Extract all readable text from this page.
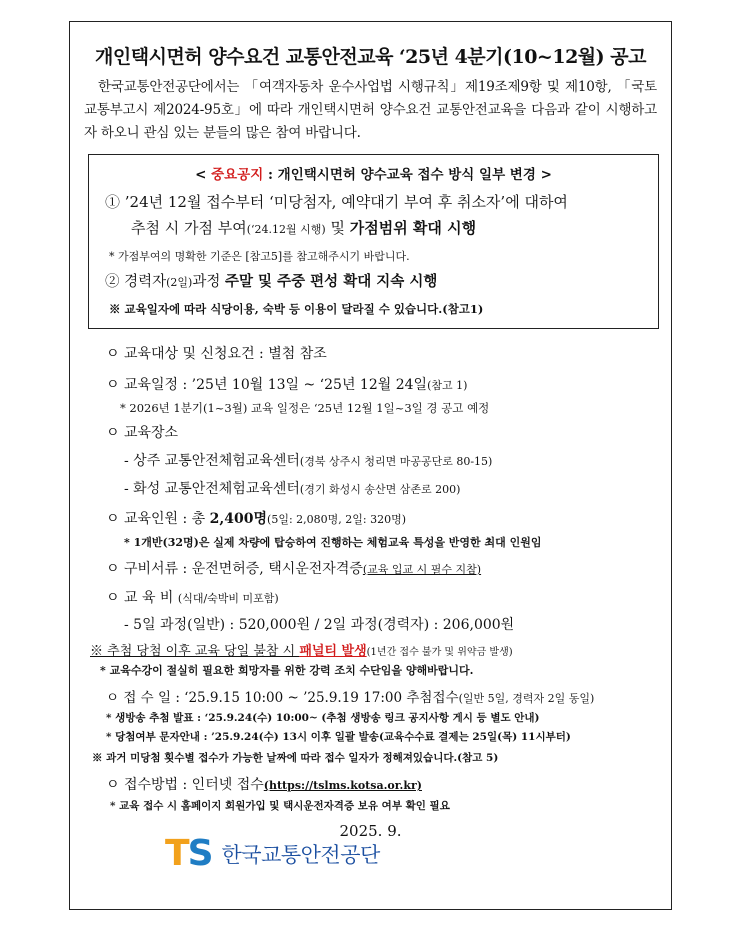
개인택시면허 양수요건 교통안전교육 ‘25년 4분기(10~12월) 공고
한국교통안전공단에서는 「여객자동차 운수사업법 시행규칙」제19조제9항 및 제10항, 「국토교통부고시 제2024-95호」에 따라 개인택시면허 양수요건 교통안전교육을 다음과 같이 시행하고자 하오니 관심 있는 분들의 많은 참여 바랍니다.
< 중요공지 : 개인택시면허 양수교육 접수 방식 일부 변경 >
① ’24년 12월 접수부터 ‘미당첨자, 예약대기 부여 후 취소자’에 대하여
추첨 시 가점 부여(‘24.12월 시행) 및 가점범위 확대 시행
* 가점부여의 명확한 기준은 [참고5]를 참고해주시기 바랍니다.
② 경력자(2일)과정 주말 및 주중 편성 확대 지속 시행
※ 교육일자에 따라 식당이용, 숙박 등 이용이 달라질 수 있습니다.(참고1)
ㅇ 교육대상 및 신청요건 : 별첨 참조
ㅇ 교육일정 : ’25년 10월 13일 ~ ‘25년 12월 24일(참고 1)
* 2026년 1분기(1~3월) 교육 일정은 ‘25년 12월 1일~3일 경 공고 예정
ㅇ 교육장소
- 상주 교통안전체험교육센터(경북 상주시 청리면 마공공단로 80-15)
- 화성 교통안전체험교육센터(경기 화성시 송산면 삼존로 200)
ㅇ 교육인원 : 총 2,400명(5일: 2,080명, 2일: 320명)
* 1개반(32명)은 실제 차량에 탑승하여 진행하는 체험교육 특성을 반영한 최대 인원임
ㅇ 구비서류 : 운전면허증, 택시운전자격증(교육 입교 시 필수 지참)
ㅇ 교 육 비 (식대/숙박비 미포함)
- 5일 과정(일반) : 520,000원 / 2일 과정(경력자) : 206,000원
※ 추첨 당첨 이후 교육 당일 불참 시 패널티 발생(1년간 접수 불가 및 위약금 발생)
* 교육수강이 절실히 필요한 희망자를 위한 강력 조치 수단임을 양해바랍니다.
ㅇ 접 수 일 : ‘25.9.15 10:00 ~ ’25.9.19 17:00 추첨접수(일반 5일, 경력자 2일 동일)
* 생방송 추첨 발표 : ‘25.9.24(수) 10:00~ (추첨 생방송 링크 공지사항 게시 등 별도 안내)
* 당첨여부 문자안내 : ’25.9.24(수) 13시 이후 일괄 발송(교육수수료 결제는 25일(목) 11시부터)
※ 과거 미당첨 횟수별 접수가 가능한 날짜에 따라 접수 일자가 정해져있습니다.(참고 5)
ㅇ 접수방법 : 인터넷 접수(https://tslms.kotsa.or.kr)
* 교육 접수 시 홈페이지 회원가입 및 택시운전자격증 보유 여부 확인 필요
2025. 9.
TS 한국교통안전공단
